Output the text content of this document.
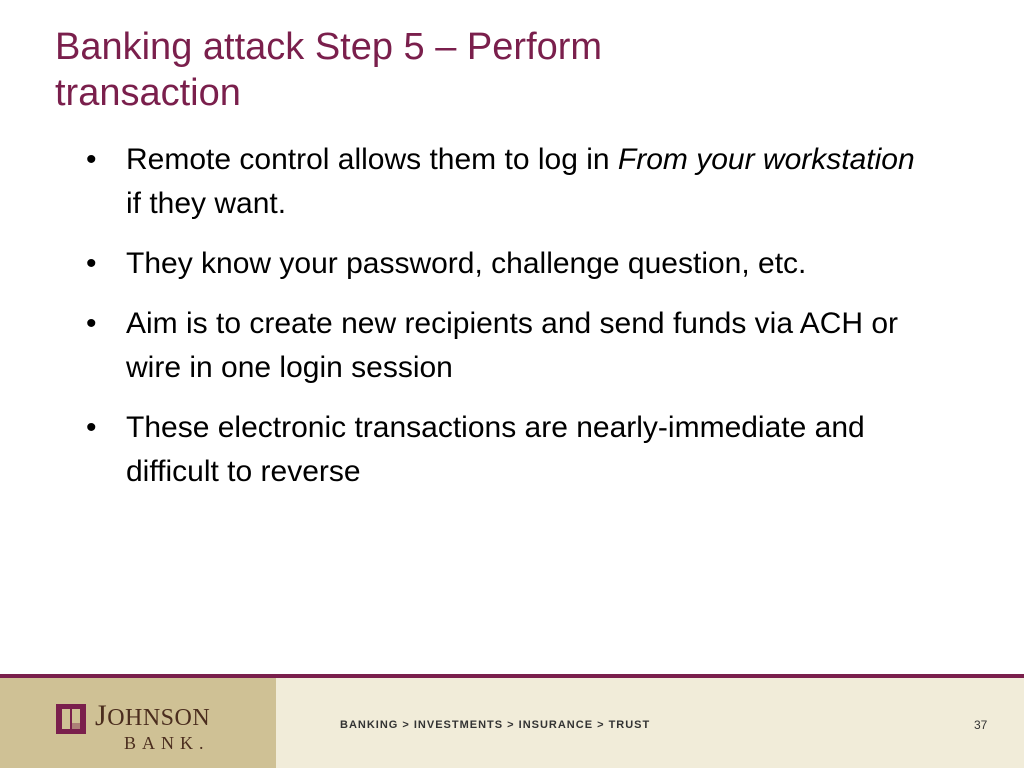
Banking attack Step 5 – Perform
transaction
• Remote control allows them to log in From your workstation if they want.
• They know your password, challenge question, etc.
• Aim is to create new recipients and send funds via ACH or wire in one login session
• These electronic transactions are nearly-immediate and difficult to reverse
JOHNSON
BANK.
BANKING > INVESTMENTS > INSURANCE > TRUST	37
